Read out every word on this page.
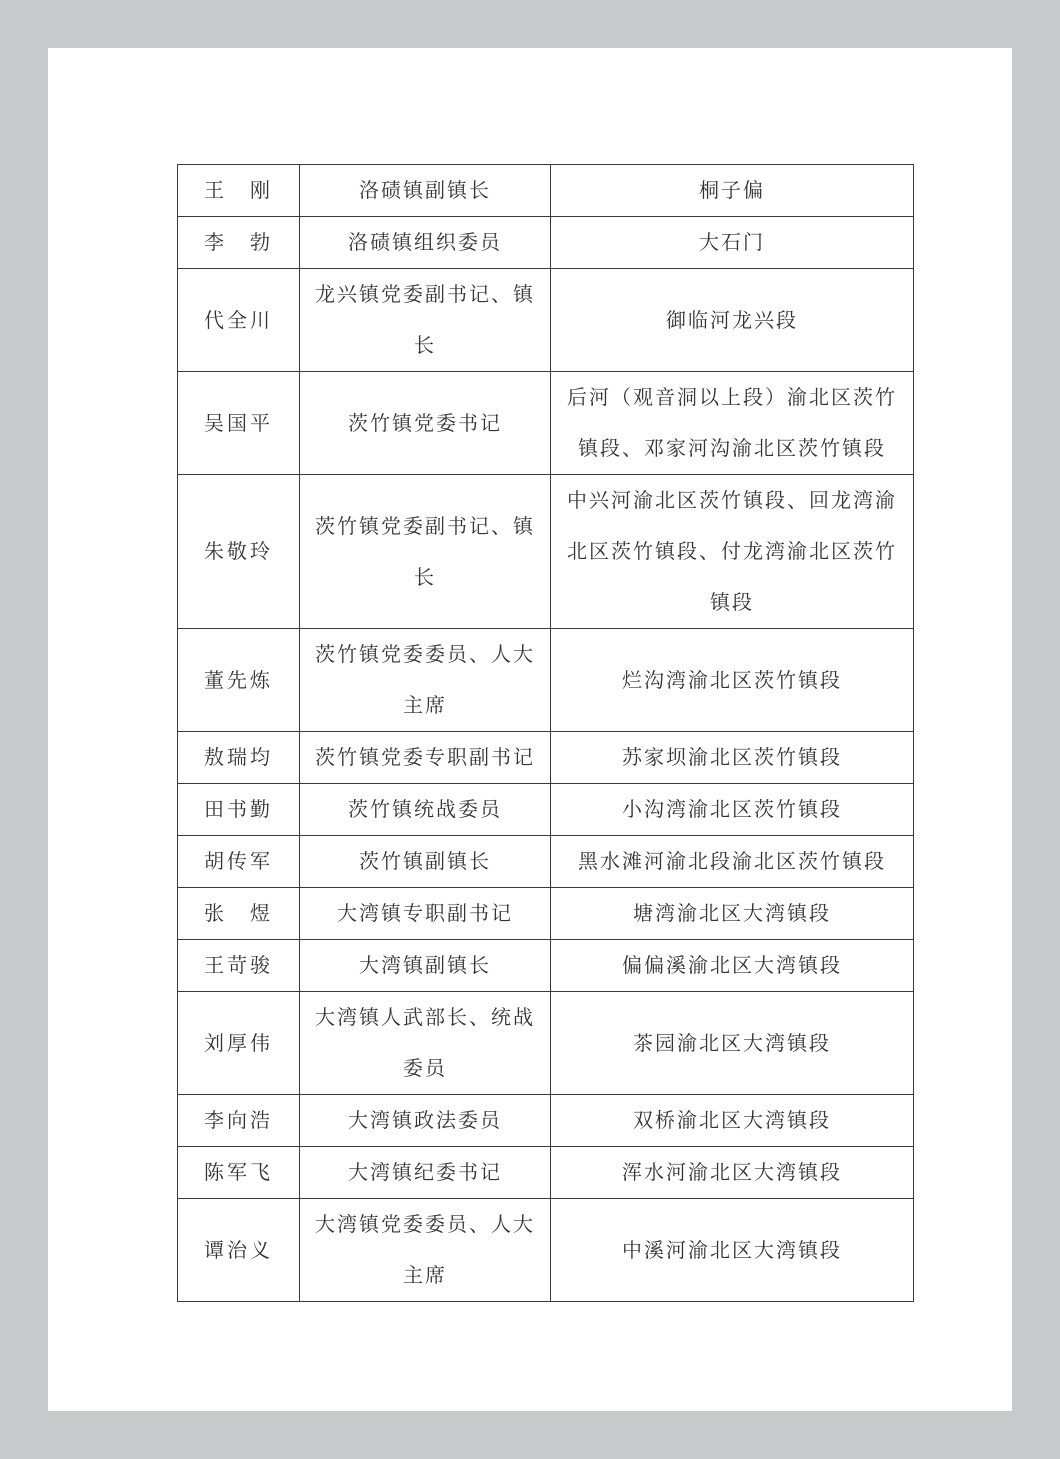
王　刚	洛碛镇副镇长	桐子偏
李　勃	洛碛镇组织委员	大石门
代全川	龙兴镇党委副书记、镇长	御临河龙兴段
吴国平	茨竹镇党委书记	后河（观音洞以上段）渝北区茨竹镇段、邓家河沟渝北区茨竹镇段
朱敬玲	茨竹镇党委副书记、镇长	中兴河渝北区茨竹镇段、回龙湾渝北区茨竹镇段、付龙湾渝北区茨竹镇段
董先炼	茨竹镇党委委员、人大主席	烂沟湾渝北区茨竹镇段
敖瑞均	茨竹镇党委专职副书记	苏家坝渝北区茨竹镇段
田书勤	茨竹镇统战委员	小沟湾渝北区茨竹镇段
胡传军	茨竹镇副镇长	黑水滩河渝北段渝北区茨竹镇段
张　煜	大湾镇专职副书记	塘湾渝北区大湾镇段
王苛骏	大湾镇副镇长	偏偏溪渝北区大湾镇段
刘厚伟	大湾镇人武部长、统战委员	茶园渝北区大湾镇段
李向浩	大湾镇政法委员	双桥渝北区大湾镇段
陈军飞	大湾镇纪委书记	浑水河渝北区大湾镇段
谭治义	大湾镇党委委员、人大主席	中溪河渝北区大湾镇段
